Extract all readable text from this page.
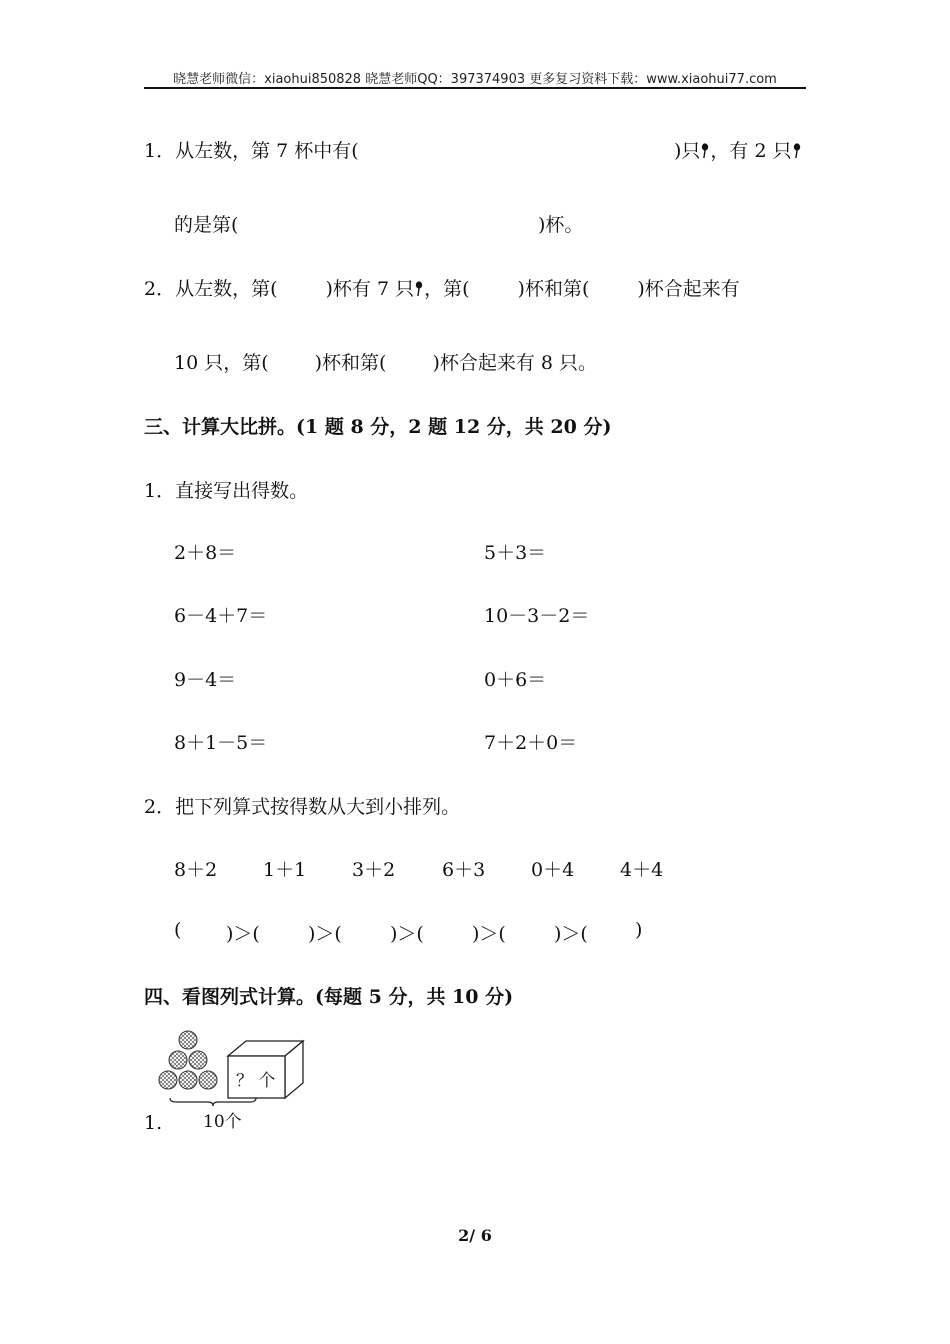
晓慧老师微信：xiaohui850828 晓慧老师QQ：397374903 更多复习资料下载：www.xiaohui77.com
1．从左数，第 7 杯中有(	)只 ，有 2 只
的是第(	)杯。
2．从左数，第(	)杯有 7 只 ，第(	)杯和第(	)杯合起来有
10 只，第( )杯和第( )杯合起来有 8 只。
三、计算大比拼。(1 题 8 分，2 题 12 分，共 20 分)
1．直接写出得数。
2＋8＝	5＋3＝
6－4＋7＝	10－3－2＝
9－4＝	0＋6＝
8＋1－5＝	7＋2＋0＝
2．把下列算式按得数从大到小排列。
8＋2 1＋1 3＋2 6＋3 0＋4 4＋4
( )＞(	)＞(	)＞(	)＞(	)＞( )
四、看图列式计算。(每题 5 分，共 10 分)
1.
？ 个
10个
2/ 6
